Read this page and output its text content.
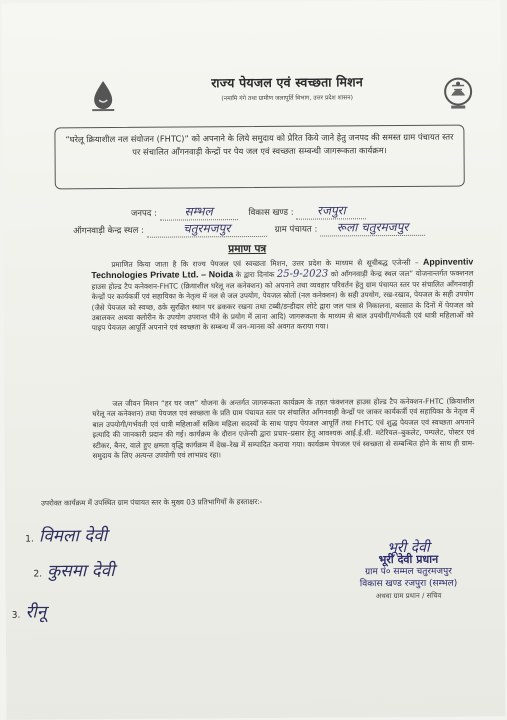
राज्य पेयजल एवं स्वच्छता मिशन
(नमामि गंगे तथा ग्रामीण जलापूर्ति विभाग, उत्तर प्रदेश शासन)
“घरेलू क्रियाशील नल संयोजन (FHTC)” को अपनाने के लिये समुदाय को प्रेरित किये जाने हेतु जनपद की समस्त ग्राम पंचायत स्तर पर संचालित आँगनवाड़ी केन्द्रों पर पेय जल एवं स्वच्छता सम्बन्धी जागरूकता कार्यक्रम।
जनपद : सम्भल	विकास खण्ड : रजपुरा
ऑगनवाड़ी केन्द्र स्थल :	चतुरमजपुर	ग्राम पंचायत : रूला चतुरमजपुर
प्रमाण पत्र
प्रमाणित किया जाता है कि राज्य पेयजल एवं स्वच्छता मिशन, उत्तर प्रदेश के माध्यम से सूचीबद्ध एजेन्सी – Appinventiv Technologies Private Ltd. – Noida के द्वारा दिनांक 25-9-2023 को आँगनवाड़ी केन्द्र स्थल जल” योजनान्तर्गत फक्शनल हाउस होल्ड टैप कनेक्शन-FHTC (क्रियाशील घरेलू नल कनेक्शन) को अपनाने तथा व्यवहार परिवर्तन हेतु ग्राम पंचायत स्तर पर संचालित आँगनवाड़ी केन्द्रों पर कार्यकर्त्री एवं सहायिका के नेतृत्व में नल से जल उपयोग, पेयजल स्रोतों (नल कनेक्शन) के सही उपयोग, रख-रखाव, पेयजल के सही उपयोग (जैसे पेयजल को स्वच्छ, ढके सुरक्षित स्थान पर ढककर रखना तथा टब्बी/डन्डीदार लोटे द्वारा जल पात्र से निकालना, बरसात के दिनों में पेयजल को उबालकर अथवा क्लोरीन के उपयोग उपरान्त पीने के प्रयोग में लाना आदि) जागरूकता के माध्यम से बाल उपयोगी/गर्भवती एवं धात्री महिलाओं को पाइप पेयजल आपूर्ति अपनाने एवं स्वच्छता के सम्बन्ध में जन–मानस को अवगत कराया गया।
जल जीवन मिशन “हर घर जल” योजना के अन्तर्गत जागरूकता कार्यक्रम के तहत फंक्शनल हाउस होल्ड टैप कनेक्शन-FHTC (क्रियाशील घरेलू नल कनेक्शन) तथा पेयजल एवं स्वच्छता के प्रति ग्राम पंचायत स्तर पर संचालित आँगनवाड़ी केन्द्रों पर जाकर कार्यकर्त्री एवं सहायिका के नेतृत्व में बाल उपयोगी/गर्भवती एवं धात्री महिलाओं सक्रिय महिला सदस्यों के साथ पाइप पेयजल आपूर्ति तथा FHTC एवं शुद्ध पेयजल एवं स्वच्छता अपनाने इत्यादि की जानकारी प्रदान की गई। कार्यक्रम के दौरान एजेन्सी द्वारा प्रचार–प्रसार हेतु आवश्यक आई.ई.सी. मटेरियल–बुकलेट, पम्पलेट, पोस्टर एवं स्टीकर, बैनर, वाले हुए क्षमता वृद्धि कार्यक्रम में देख–रेख में सम्पादित कराया गया। कार्यक्रम पेयजल एवं स्वच्छता से सम्बन्धित होने के साथ ही ग्राम-समुदाय के लिए अत्यन्त उपयोगी एवं लाभप्रद रहा।
उपरोक्त कार्यक्रम में उपस्थित ग्राम पंचायत स्तर के मुख्य 03 प्रतिभागियों के हस्ताक्षर:-
1. विमला देवी
2. कुसमा देवी
3. रीनू
भूरी देवी
भूरी देवी प्रधान
ग्राम पं० सम्मल चतुरमजपुर
विकास खण्ड रजपुरा (सम्भल)
अथवा ग्राम प्रधान / सचिव
